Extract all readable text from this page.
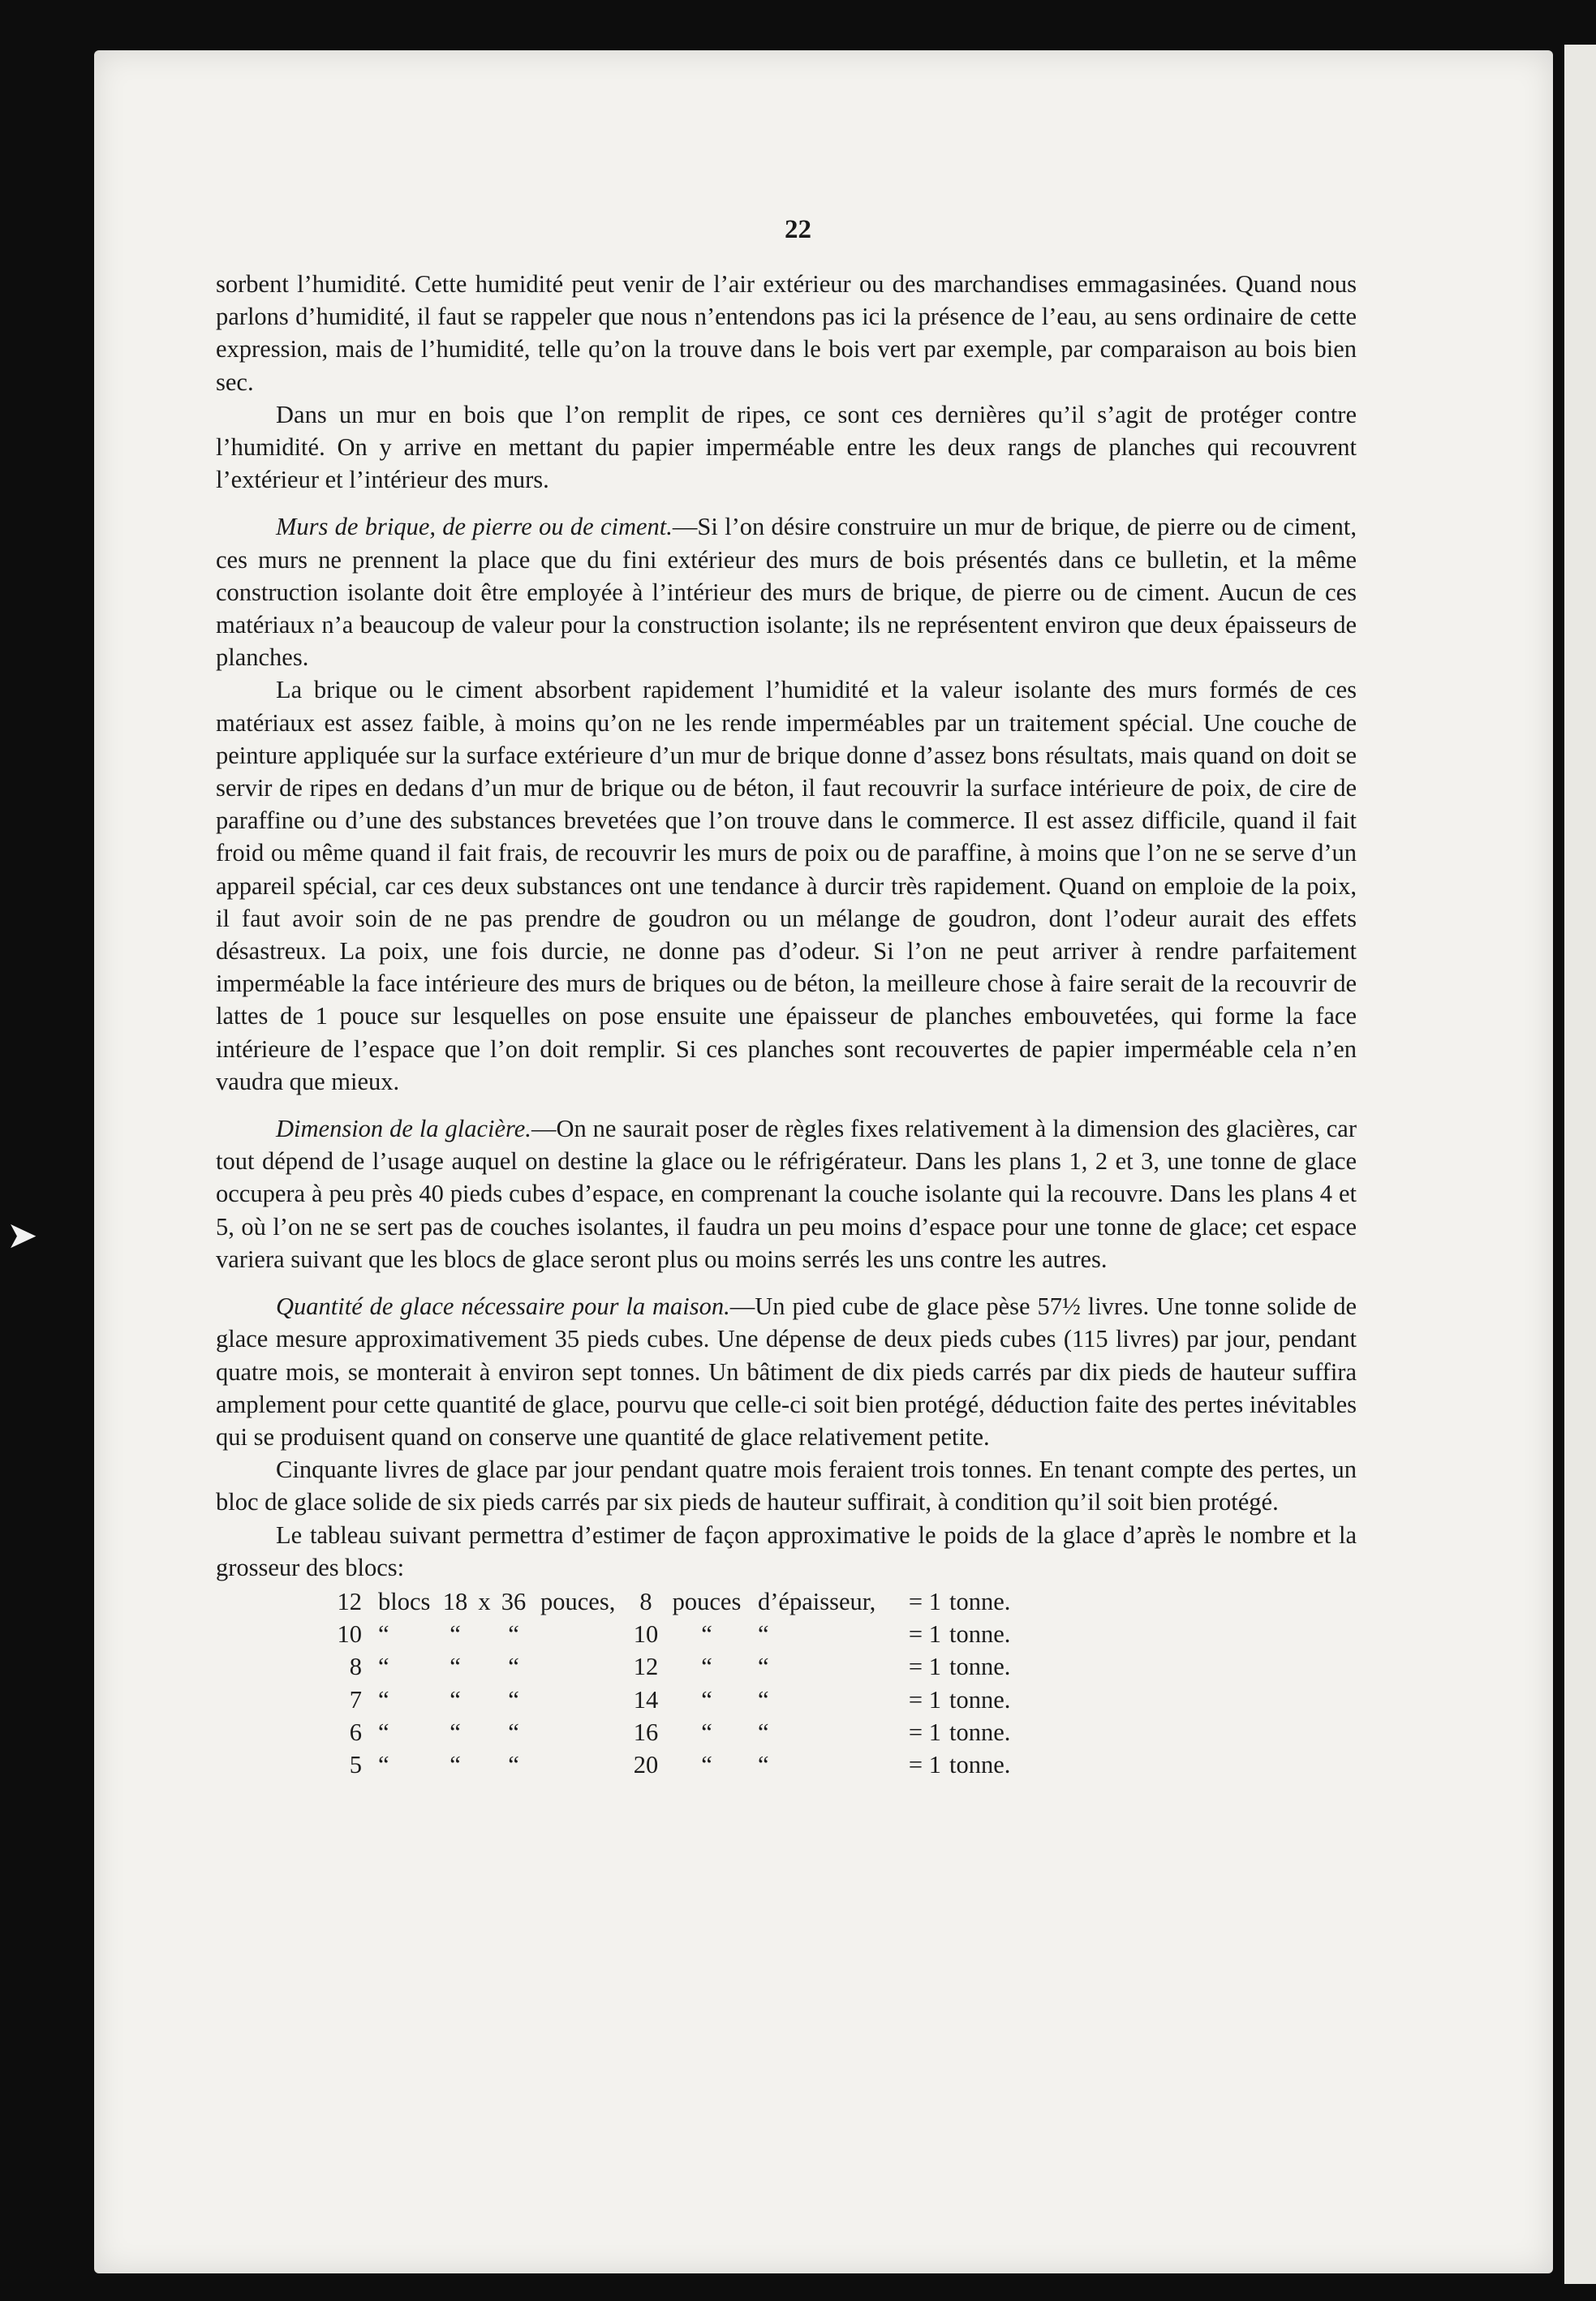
➤
22

sorbent l’humidité. Cette humidité peut venir de l’air extérieur ou des marchandises emmagasinées. Quand nous parlons d’humidité, il faut se rappeler que nous n’entendons pas ici la présence de l’eau, au sens ordinaire de cette expression, mais de l’humidité, telle qu’on la trouve dans le bois vert par exemple, par comparaison au bois bien sec.

Dans un mur en bois que l’on remplit de ripes, ce sont ces dernières qu’il s’agit de protéger contre l’humidité. On y arrive en mettant du papier imperméable entre les deux rangs de planches qui recouvrent l’extérieur et l’intérieur des murs.

Murs de brique, de pierre ou de ciment.—Si l’on désire construire un mur de brique, de pierre ou de ciment, ces murs ne prennent la place que du fini extérieur des murs de bois présentés dans ce bulletin, et la même construction isolante doit être employée à l’intérieur des murs de brique, de pierre ou de ciment. Aucun de ces matériaux n’a beaucoup de valeur pour la construction isolante; ils ne représentent environ que deux épaisseurs de planches.

La brique ou le ciment absorbent rapidement l’humidité et la valeur isolante des murs formés de ces matériaux est assez faible, à moins qu’on ne les rende imperméables par un traitement spécial. Une couche de peinture appliquée sur la surface extérieure d’un mur de brique donne d’assez bons résultats, mais quand on doit se servir de ripes en dedans d’un mur de brique ou de béton, il faut recouvrir la surface intérieure de poix, de cire de paraffine ou d’une des substances brevetées que l’on trouve dans le commerce. Il est assez difficile, quand il fait froid ou même quand il fait frais, de recouvrir les murs de poix ou de paraffine, à moins que l’on ne se serve d’un appareil spécial, car ces deux substances ont une tendance à durcir très rapidement. Quand on emploie de la poix, il faut avoir soin de ne pas prendre de goudron ou un mélange de goudron, dont l’odeur aurait des effets désastreux. La poix, une fois durcie, ne donne pas d’odeur. Si l’on ne peut arriver à rendre parfaitement imperméable la face intérieure des murs de briques ou de béton, la meilleure chose à faire serait de la recouvrir de lattes de 1 pouce sur lesquelles on pose ensuite une épaisseur de planches embouvetées, qui forme la face intérieure de l’espace que l’on doit remplir. Si ces planches sont recouvertes de papier imperméable cela n’en vaudra que mieux.

Dimension de la glacière.—On ne saurait poser de règles fixes relativement à la dimension des glacières, car tout dépend de l’usage auquel on destine la glace ou le réfrigérateur. Dans les plans 1, 2 et 3, une tonne de glace occupera à peu près 40 pieds cubes d’espace, en comprenant la couche isolante qui la recouvre. Dans les plans 4 et 5, où l’on ne se sert pas de couches isolantes, il faudra un peu moins d’espace pour une tonne de glace; cet espace variera suivant que les blocs de glace seront plus ou moins serrés les uns contre les autres.

Quantité de glace nécessaire pour la maison.—Un pied cube de glace pèse 57½ livres. Une tonne solide de glace mesure approximativement 35 pieds cubes. Une dépense de deux pieds cubes (115 livres) par jour, pendant quatre mois, se monterait à environ sept tonnes. Un bâtiment de dix pieds carrés par dix pieds de hauteur suffira amplement pour cette quantité de glace, pourvu que celle-ci soit bien protégé, déduction faite des pertes inévitables qui se produisent quand on conserve une quantité de glace relativement petite.

Cinquante livres de glace par jour pendant quatre mois feraient trois tonnes. En tenant compte des pertes, un bloc de glace solide de six pieds carrés par six pieds de hauteur suffirait, à condition qu’il soit bien protégé.

Le tableau suivant permettra d’estimer de façon approximative le poids de la glace d’après le nombre et la grosseur des blocs:

12	blocs	18	x	36	pouces,	8	pouces	d’épaisseur,	= 1	tonne.
10	“	“		“		10	“	“	= 1	tonne.
8	“	“		“		12	“	“	= 1	tonne.
7	“	“		“		14	“	“	= 1	tonne.
6	“	“		“		16	“	“	= 1	tonne.
5	“	“		“		20	“	“	= 1	tonne.
